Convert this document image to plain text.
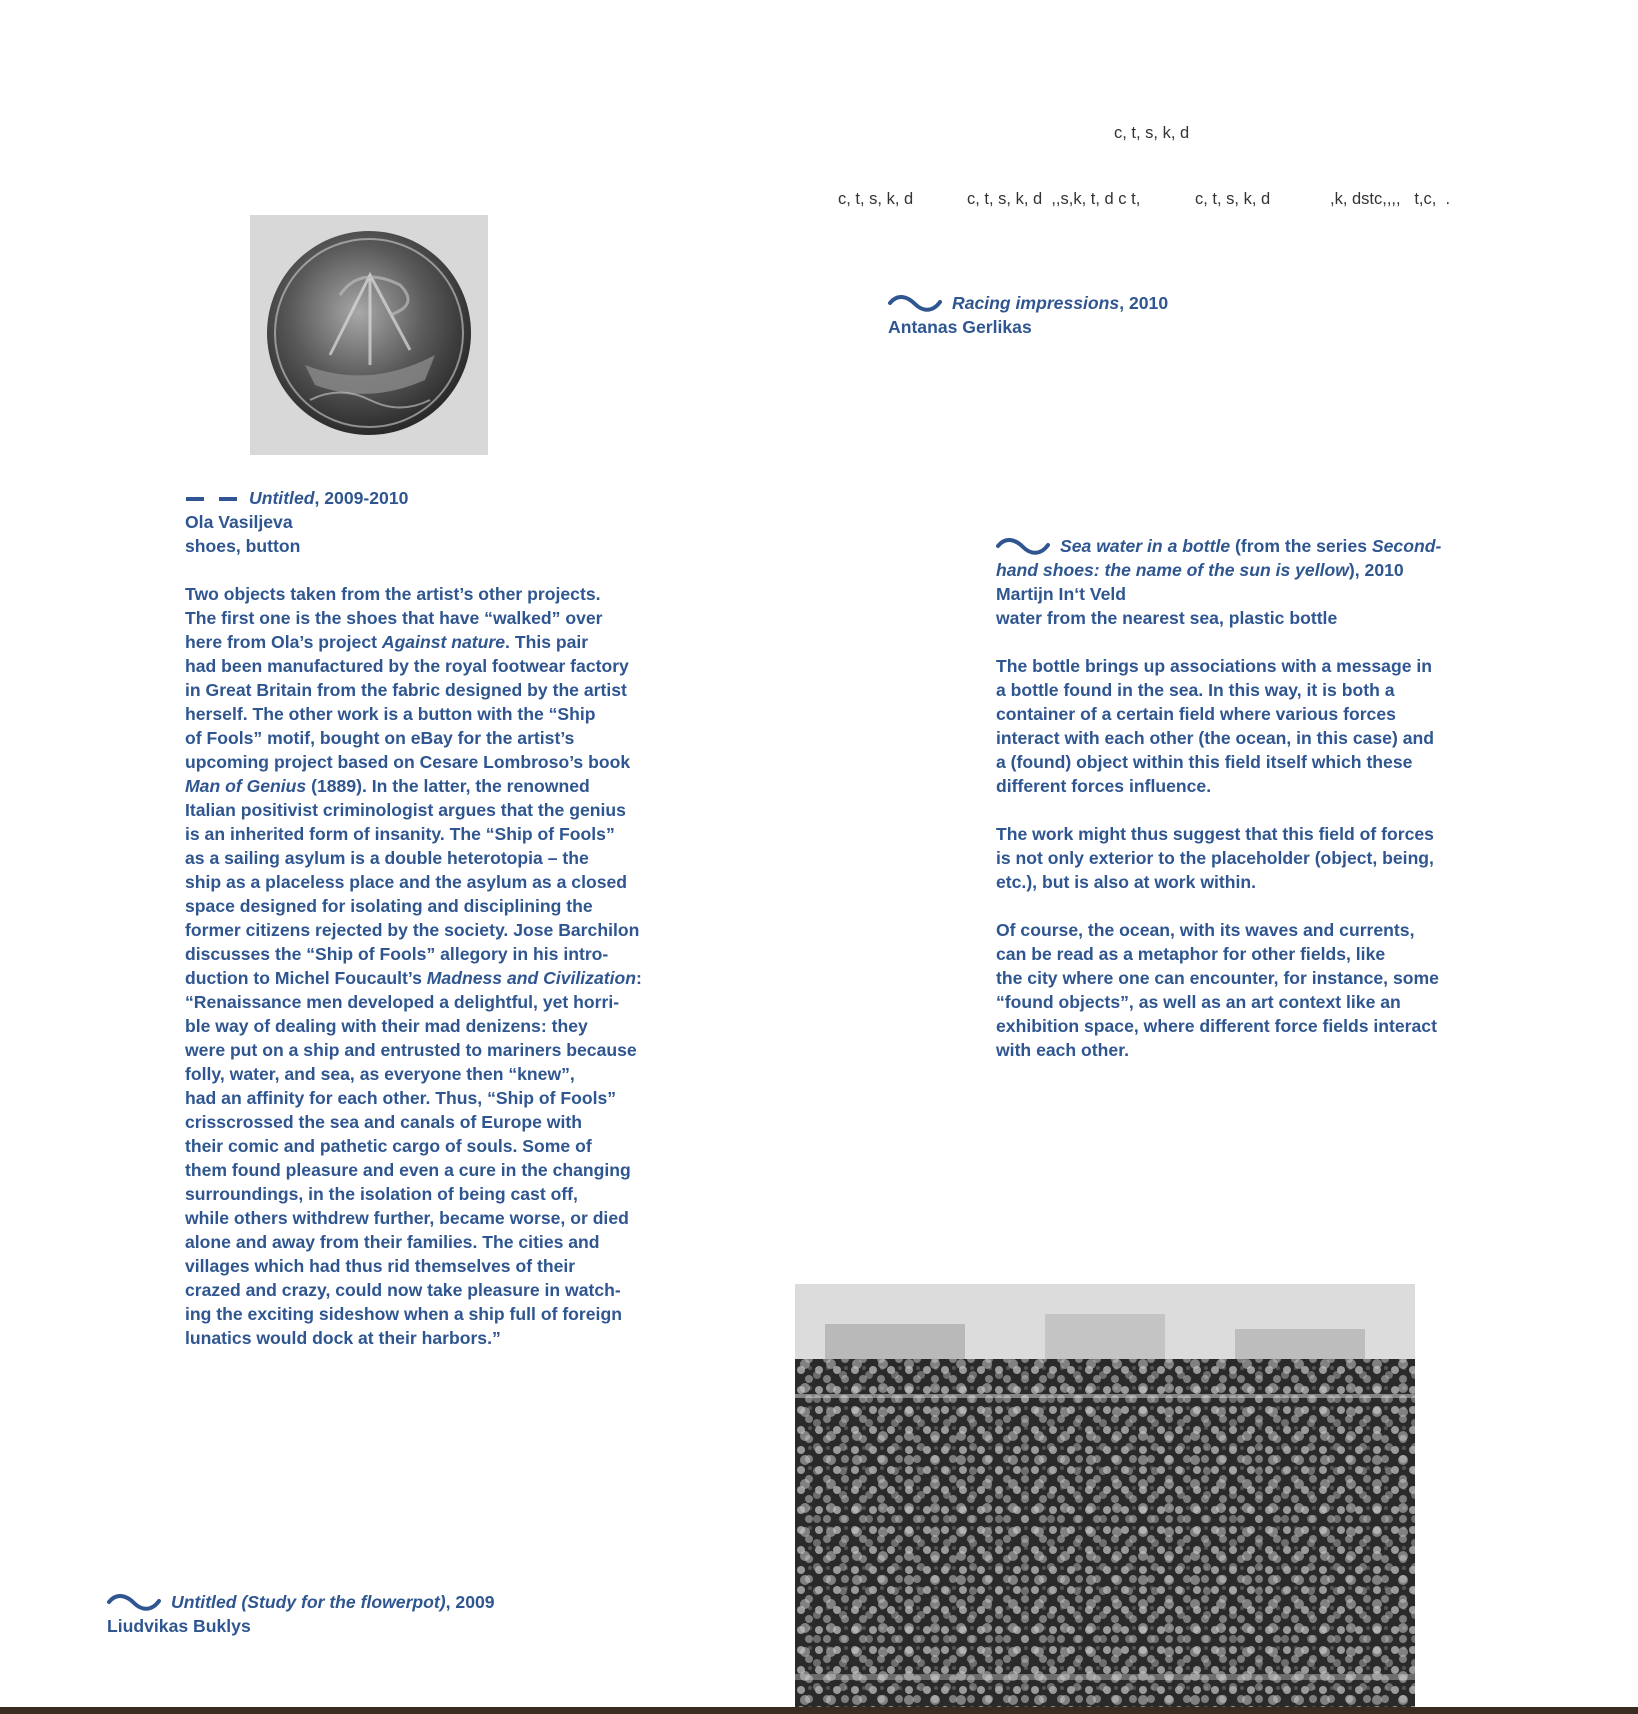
c, t, s, k, d
c, t, s, k, d	c, t, s, k, d  ,,s,k, t, d c t,	c, t, s, k, d	,k, dstc,,,,   t,c,  .
Racing impressions, 2010
Antanas Gerlikas
Untitled, 2009-2010
Ola Vasiljeva
shoes, button
Two objects taken from the artist’s other projects.
The first one is the shoes that have “walked” over
here from Ola’s project Against nature. This pair
had been manufactured by the royal footwear factory
in Great Britain from the fabric designed by the artist
herself. The other work is a button with the “Ship
of Fools” motif, bought on eBay for the artist’s
upcoming project based on Cesare Lombroso’s book
Man of Genius (1889). In the latter, the renowned
Italian positivist criminologist argues that the genius
is an inherited form of insanity. The “Ship of Fools”
as a sailing asylum is a double heterotopia – the
ship as a placeless place and the asylum as a closed
space designed for isolating and disciplining the
former citizens rejected by the society. Jose Barchilon
discusses the “Ship of Fools” allegory in his intro-
duction to Michel Foucault’s Madness and Civilization:
“Renaissance men developed a delightful, yet horri-
ble way of dealing with their mad denizens: they
were put on a ship and entrusted to mariners because
folly, water, and sea, as everyone then “knew”,
had an affinity for each other. Thus, “Ship of Fools”
crisscrossed the sea and canals of Europe with
their comic and pathetic cargo of souls. Some of
them found pleasure and even a cure in the changing
surroundings, in the isolation of being cast off,
while others withdrew further, became worse, or died
alone and away from their families. The cities and
villages which had thus rid themselves of their
crazed and crazy, could now take pleasure in watch-
ing the exciting sideshow when a ship full of foreign
lunatics would dock at their harbors.”
Sea water in a bottle (from the series Second-
hand shoes: the name of the sun is yellow), 2010
Martijn In‘t Veld
water from the nearest sea, plastic bottle
The bottle brings up associations with a message in
a bottle found in the sea. In this way, it is both a
container of a certain field where various forces
interact with each other (the ocean, in this case) and
a (found) object within this field itself which these
different forces influence.
The work might thus suggest that this field of forces
is not only exterior to the placeholder (object, being,
etc.), but is also at work within.
Of course, the ocean, with its waves and currents,
can be read as a metaphor for other fields, like
the city where one can encounter, for instance, some
“found objects”, as well as an art context like an
exhibition space, where different force fields interact
with each other.
Untitled (Study for the flowerpot), 2009
Liudvikas Buklys
